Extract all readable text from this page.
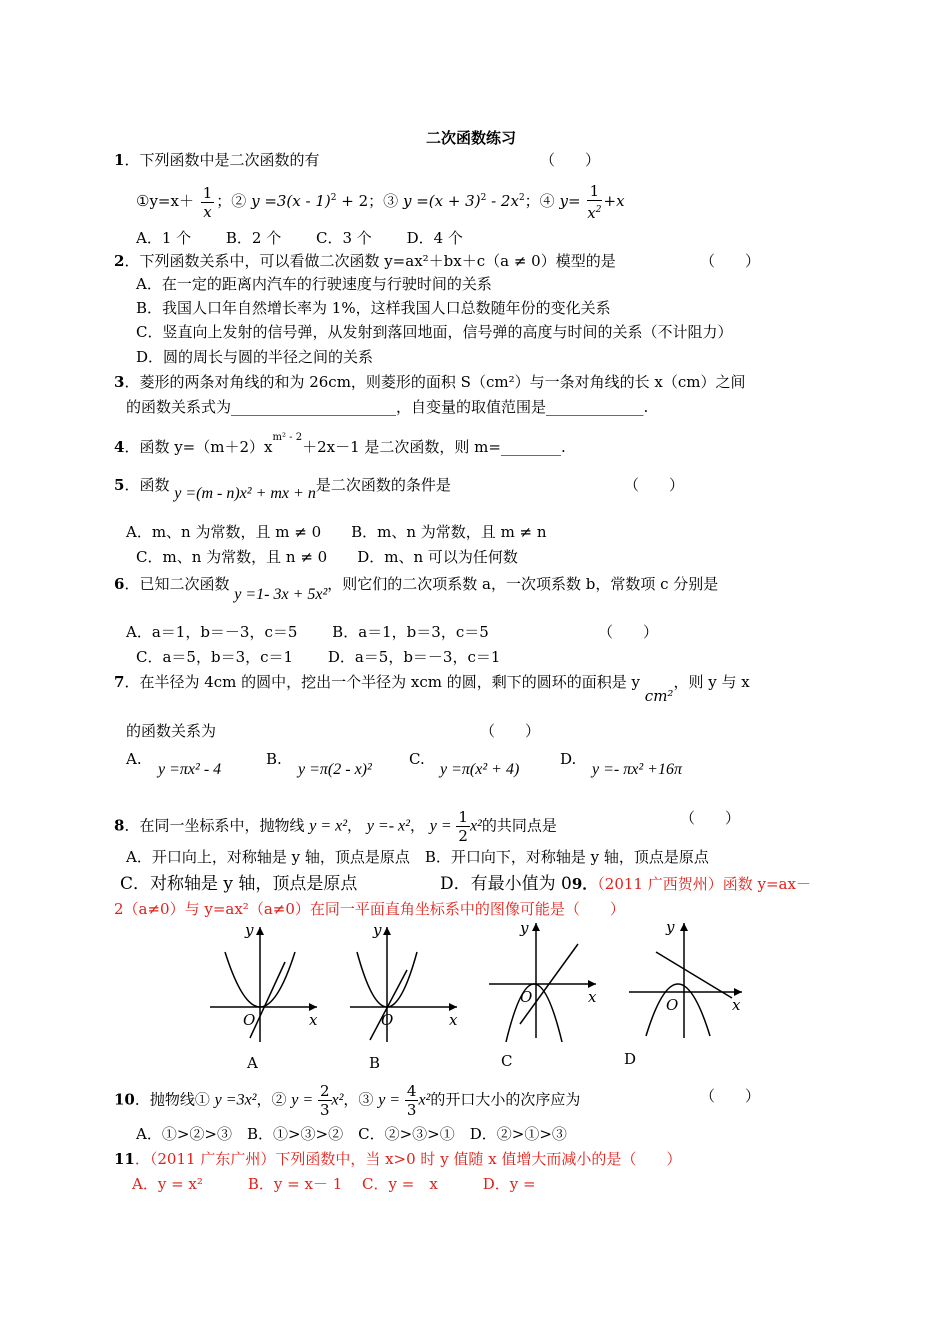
二次函数练习
1．下列函数中是二次函数的有	（　　）
①y=x＋ $\frac{1}{x}$ ；② y =3(x - 1)$^2$ + 2；③ $y =(x + 3)^2 - 2x^2$；④ $y= \frac{1}{x^2} +x$
A．1 个　　 B．2 个　　 C．3 个　　 D．4 个
2．下列函数关系中，可以看做二次函数 y=ax²＋bx＋c（a ≠ 0）模型的是	（　　）
A．在一定的距离内汽车的行驶速度与行驶时间的关系
B．我国人口年自然增长率为 1%，这样我国人口总数随年份的变化关系
C．竖直向上发射的信号弹，从发射到落回地面，信号弹的高度与时间的关系（不计阻力）
D．圆的周长与圆的半径之间的关系
3．菱形的两条对角线的和为 26cm，则菱形的面积 S（cm²）与一条对角线的长 x（cm）之间
的函数关系式为______________________，自变量的取值范围是_____________.
4．函数 $y=(m+2)x^{m^2 - 2}+2x-1$ 是二次函数，则 m=________.
5．函数 y =(m - n)x² + mx + n是二次函数的条件是	（　　）
A．m、n 为常数，且 m ≠ 0　　B．m、n 为常数，且 m ≠ n
C．m、n 为常数，且 n ≠ 0　　D．m、n 可以为任何数
6．已知二次函数 y =1- 3x + 5x²，则它们的二次项系数 a，一次项系数 b，常数项 c 分别是
A．a＝1，b＝－3，c＝5　　 B．a＝1，b＝3，c＝5	（　　）
C．a＝5，b＝3，c＝1　　 D．a＝5，b＝－3，c＝1
7．在半径为 4cm 的圆中，挖出一个半径为 xcm 的圆，剩下的圆环的面积是 y cm²，则 y 与 x
的函数关系为	（　　）
A.
y =πx² - 4
B.
y =π(2 - x)²
C.
y =π(x² + 4)
D.
y =- πx² +16π
8．在同一坐标系中，抛物线 y = x²， y =- x²， $y = \frac{1}{2} x^2$的共同点是	（　　）
A．开口向上，对称轴是 y 轴，顶点是原点　B．开口向下，对称轴是 y 轴，顶点是原点
C．对称轴是 y 轴，顶点是原点	D．有最小值为 09．（2011 广西贺州）函数 y=ax－
2（a≠0）与 y=ax²（a≠0）在同一平面直角坐标系中的图像可能是（　　）
y
x
O
A
y
x
O
B
y
x
O
C
y
x
O
D
10．抛物线① y =3x²，② $y = \frac{2}{3} x^2$，③ $y = \frac{4}{3} x^2$的开口大小的次序应为	（　　）
A．①>②>③　B．①>③>②　C．②>③>①　D．②>①>③
11．（2011 广东广州）下列函数中，当 x>0 时 y 值随 x 值增大而减小的是（　　）
A．y = x²　　　B．y = x－ 1　 C．y =　x　　　D．y =
